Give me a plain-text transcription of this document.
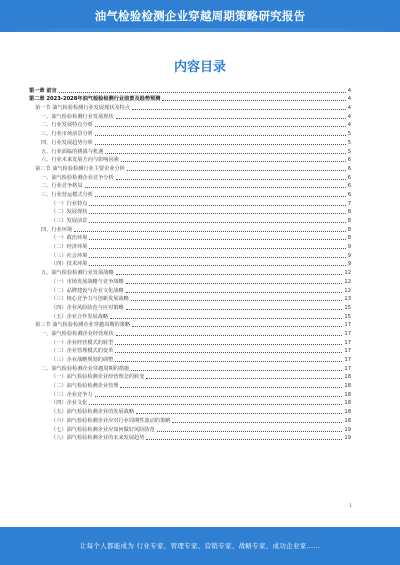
油气检验检测企业穿越周期策略研究报告
内容目录
第一章 前言	4
第二章 2023-2028年油气检验检测行业前景及趋势预测	4
第一节 油气检验检测行业发展现状及特点	4
一、油气检验检测行业发展现状	4
二、行业发展特点分析	4
三、行业市场前景分析	5
四、行业发展趋势分析	5
五、行业面临的挑战与机遇	5
六、行业未来发展方向与影响因素	6
第二节 油气检验检测行业主要企业分析	6
一、油气检验检测企业竞争分析	6
二、行业竞争格局	6
三、行业营运模式分析	6
（一）行业特点	7
（二）发展现状	8
（三）发展前景	8
四、行业环境	8
（一）政治环境	8
（二）经济环境	9
（三）社会环境	9
（四）技术环境	9
五、油气检验检测行业发展战略	12
（一）市场发展战略与竞争战略	12
（二）品牌建设与企业文化战略	12
（三）核心竞争力与创新发展战略	13
（四）企业风险防范与应对策略	15
（五）企业合作发展战略	15
第三节 油气检验检测企业穿越周期的策略	17
一、油气检验检测企业经营现状	17
（一）企业经营模式的转型	17
（二）企业管理模式的变革	17
（三）企业战略规划的调整	17
二、油气检验检测企业穿越周期的措施	17
（一）油气检验检测企业经营理念的转变	18
（二）油气检验检测企业管理	18
（三）企业竞争力	18
（四）企业文化	18
（五）油气检验检测企业的发展战略	18
（六）油气检验检测企业应对行业周期性波动的策略	18
（七）油气检验检测企业应如何做好风险防范	19
（八）油气检验检测企业的未来发展趋势	19
1
让每个人都能成为 行业专家、管理专家、营销专家、战略专家、成功企业家……
